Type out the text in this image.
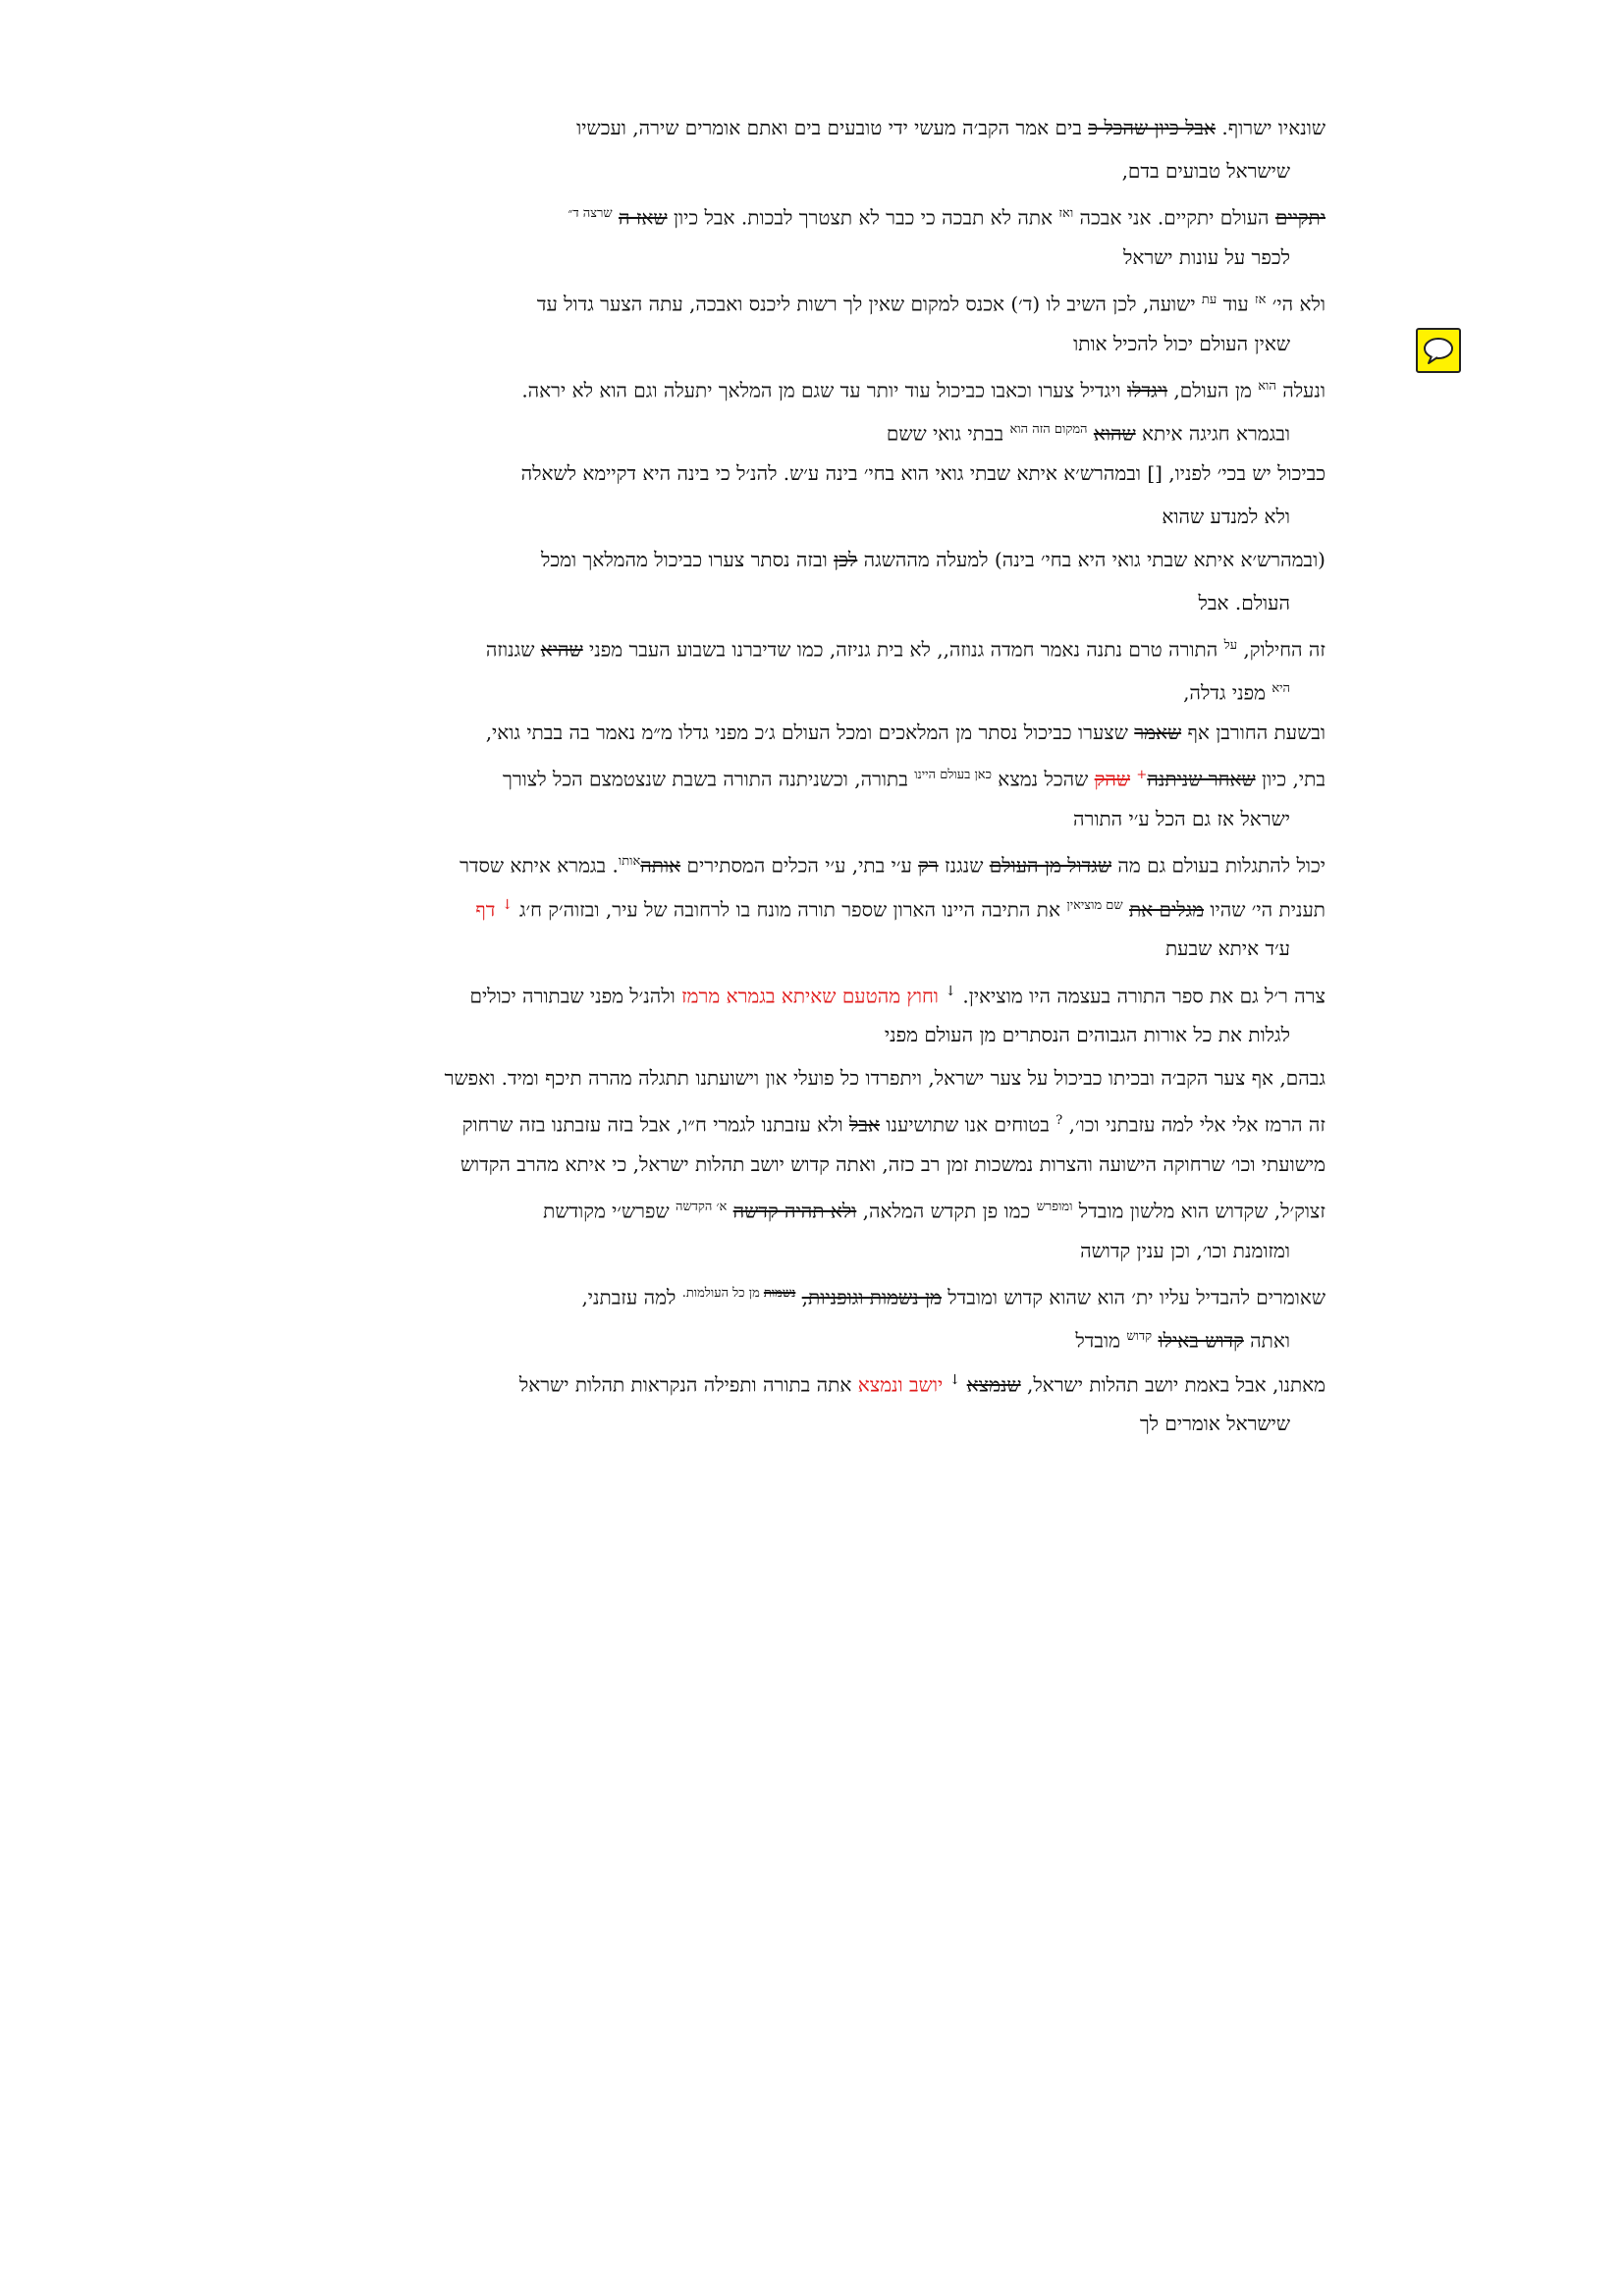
שונאיו ישרוף. אבל כיון שהכל כ בים אמר הקב׳ה מעשי ידי טובעים בים ואתם אומרים שירה, ועכשיו
שישראל טבועים בדם,
יתקיים העולם יתקיים. אני אבכה $^{ואז}$ אתה לא תבכה כי כבר לא תצטרך לבכות. אבל כיון שאז ה $^{שרצה ד״}$
לכפר על עונות ישראל
ולא הי׳ $^{אז}$ עוד $^{עת}$ ישועה, לכן השיב לו (ד׳) אכנס למקום שאין לך רשות ליכנס ואבכה, עתה הצער גדול עד
שאין העולם יכול להכיל אותו
ונעלה $^{הוא}$ מן העולם, ויגדלו ויגדיל צערו וכאבו כביכול עוד יותר עד שגם מן המלאך יתעלה וגם הוא לא יראה.
ובגמרא חגיגה איתא שהוא $^{המקום הזה הוא}$ בבתי גואי ששם
כביכול יש בכי׳ לפניו, [] ובמהרש׳א איתא שבתי גואי הוא בחי׳ בינה ע׳ש. להנ׳ל כי בינה היא דקיימא לשאלה
ולא למנדע שהוא
(ובמהרש׳א איתא שבתי גואי היא בחי׳ בינה) למעלה מההשגה לכן ובזה נסתר צערו כביכול מהמלאך ומכל
העולם. אבל
זה החילוק, $^{על}$ התורה טרם נתנה נאמר חמדה גנוזה,, לא בית גניזה, כמו שדיברנו בשבוע העבר מפני שהיא שגנוזה
$^{היא}$ מפני גדלה,
ובשעת החורבן אף שאמר שצערו כביכול נסתר מן המלאכים ומכל העולם ג׳כ מפני גדלו מ״מ נאמר בה בבתי גואי,
בתי, כיון שאחר שניתנה+ שהק שהכל נמצא $^{כאן בעולם היינו}$ בתורה, וכשניתנה התורה בשבת שנצטמצם הכל לצורך
ישראל אז גם הכל ע׳י התורה
יכול להתגלות בעולם גם מה שגדול מן העולם שנגנז רק ע׳י בתי, ע׳י הכלים המסתירים אותה$^{אותו}$. בגמרא איתא שסדר
תענית הי׳ שהיו מגלים את $^{שם מוציאין}$ את התיבה היינו הארון שספר תורה מונח בו לרחובה של עיר, ובזוה׳ק ח׳ג ↓ דף
ע׳ד איתא שבעת
צרה ר׳ל גם את ספר התורה בעצמה היו מוציאין. ↓ וחוץ מהטעם שאיתא בגמרא מרמז ולהנ׳ל מפני שבתורה יכולים
לגלות את כל אורות הגבוהים הנסתרים מן העולם מפני
גבהם, אף צער הקב׳ה ובכיתו כביכול על צער ישראל, ויתפרדו כל פועלי און וישועתנו תתגלה מהרה תיכף ומיד. ואפשר
זה הרמז אלי אלי למה עזבתני וכו׳, ? בטוחים אנו שתושיענו אבל ולא עזבתנו לגמרי ח״ו, אבל בזה עזבתנו בזה שרחוק
מישועתי וכו׳ שרחוקה הישועה והצרות נמשכות זמן רב כזה, ואתה קדוש יושב תהלות ישראל, כי איתא מהרב הקדוש
זצוק׳ל, שקדוש הוא מלשון מובדל $^{ומופרש}$ כמו פן תקדש המלאה, ולא תהיה קדשה $^{א׳ הקדשה}$ שפרש׳י מקודשת
ומזומנת וכו׳, וכן ענין קדושה
שאומרים להבדיל עליו ית׳ הוא שהוא קדוש ומובדל מן נשמות וגופניות, $^{נשמות}$ $^{מן כל העולמות.}$ למה עזבתני,
ואתה קדוש באילו $^{קדוש}$ מובדל
מאתנו, אבל באמת יושב תהלות ישראל, שנמצא ↓ יושב ונמצא אתה בתורה ותפילה הנקראות תהלות ישראל
שישראל אומרים לך
